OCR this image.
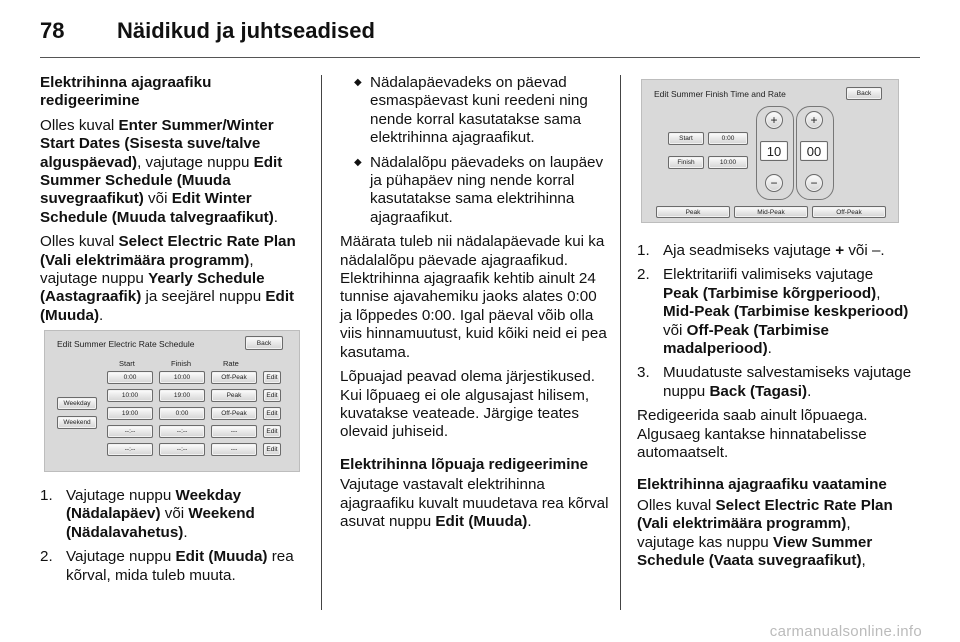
78 Näidikud ja juhtseadised

Elektrihinna ajagraafiku redigeerimine

Olles kuval Enter Summer/Winter Start Dates (Sisesta suve/talve alguspäevad), vajutage nuppu Edit Summer Schedule (Muuda suvegraafikut) või Edit Winter Schedule (Muuda talvegraafikut).

Olles kuval Select Electric Rate Plan (Vali elektrimäära programm), vajutage nuppu Yearly Schedule (Aastagraafik) ja seejärel nuppu Edit (Muuda).

Edit Summer Electric Rate Schedule	Back
Start	Finish	Rate
Weekday
Weekend
0:00	10:00	Off-Peak	Edit
10:00	19:00	Peak	Edit
19:00	0:00	Off-Peak	Edit
--:--	--:--	---	Edit
--:--	--:--	---	Edit
1. Vajutage nuppu Weekday (Nädalapäev) või Weekend (Nädalavahetus).
2. Vajutage nuppu Edit (Muuda) rea kõrval, mida tuleb muuta.
◆ Nädalapäevadeks on päevad esmaspäevast kuni reedeni ning nende korral kasutatakse sama elektrihinna ajagraafikut.
◆ Nädalalõpu päevadeks on laupäev ja pühapäev ning nende korral kasutatakse sama elektrihinna ajagraafikut.

Määrata tuleb nii nädalapäevade kui ka nädalalõpu päevade ajagraafikud. Elektrihinna ajagraafik kehtib ainult 24 tunnise ajavahemiku jaoks alates 0:00 ja lõppedes 0:00. Igal päeval võib olla viis hinnamuutust, kuid kõiki neid ei pea kasutama.

Lõpuajad peavad olema järjestikused. Kui lõpuaeg ei ole algusajast hilisem, kuvatakse veateade. Järgige teates olevaid juhiseid.

Elektrihinna lõpuaja redigeerimine

Vajutage vastavalt elektrihinna ajagraafiku kuvalt muudetava rea kõrval asuvat nuppu Edit (Muuda).

Edit Summer Finish Time and Rate	Back
Start	0:00
Finish	10:00
+
10
−
+
00
−
Peak	Mid-Peak	Off-Peak
1. Aja seadmiseks vajutage + või –.
2. Elektritariifi valimiseks vajutage Peak (Tarbimise kõrgperiood), Mid-Peak (Tarbimise keskperiood) või Off-Peak (Tarbimise madalperiood).
3. Muudatuste salvestamiseks vajutage nuppu Back (Tagasi).

Redigeerida saab ainult lõpuaega. Algusaeg kantakse hinnatabelisse automaatselt.

Elektrihinna ajagraafiku vaatamine

Olles kuval Select Electric Rate Plan (Vali elektrimäära programm), vajutage kas nuppu View Summer Schedule (Vaata suvegraafikut),

carmanualsonline.info
